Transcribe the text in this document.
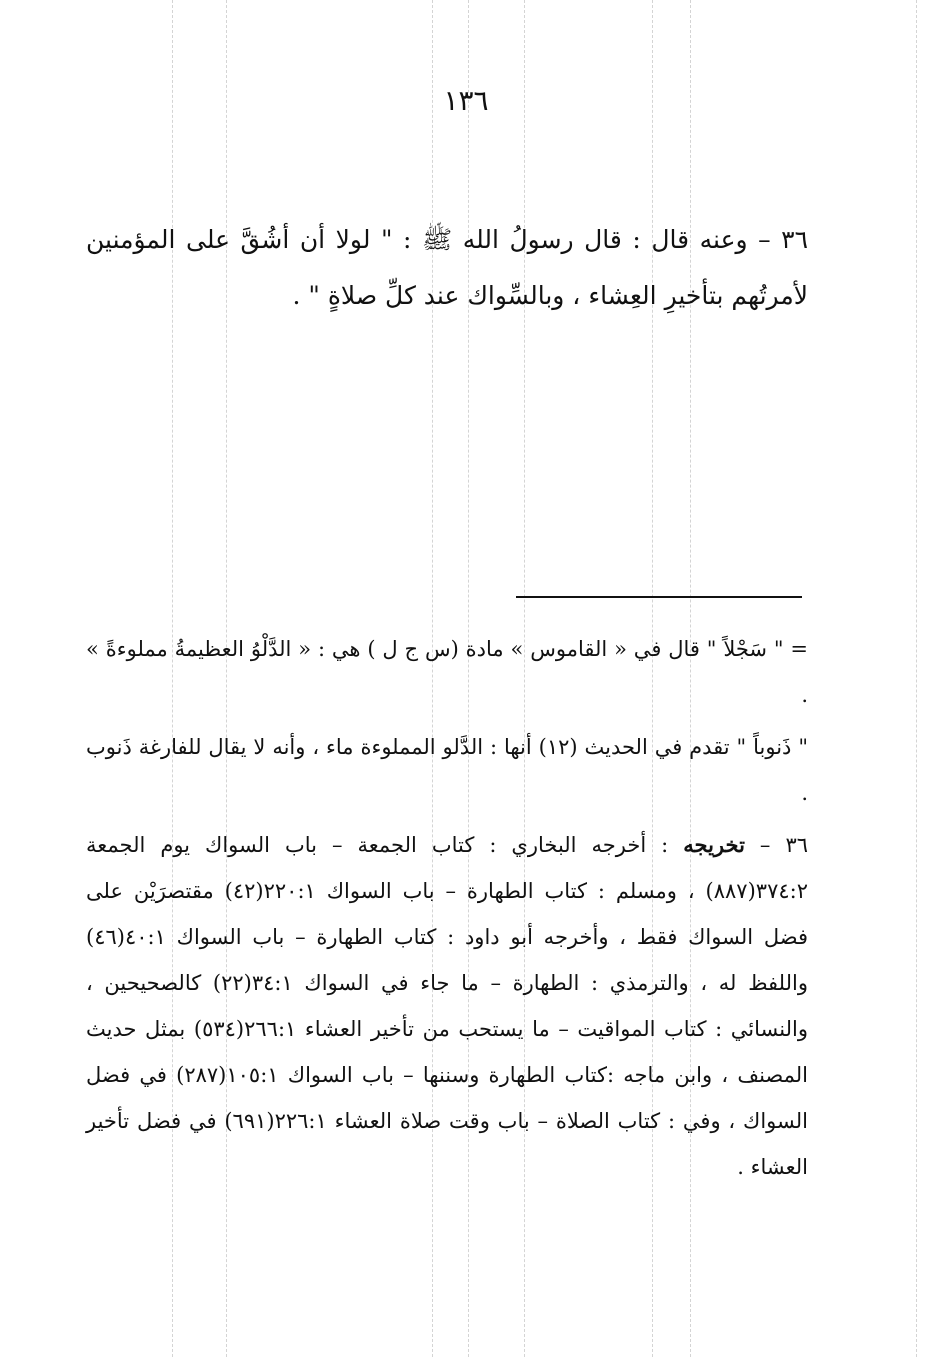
١٣٦

٣٦ – وعنه قال : قال رسولُ الله ﷺ : " لولا أن أشُقَّ على المؤمنين لأمرتُهم بتأخيرِ العِشاء ، وبالسِّواك عند كلِّ صلاةٍ " .

= " سَجْلاً " قال في « القاموس » مادة (س ج ل ) هي : « الدَّلْوُ العظيمةُ مملوءةً » .

" ذَنوباً " تقدم في الحديث (١٢) أنها : الدَّلو المملوءة ماء ، وأنه لا يقال للفارغة ذَنوب .

٣٦ – تخريجه : أخرجه البخاري : كتاب الجمعة – باب السواك يوم الجمعة ٣٧٤:٢(٨٨٧) ، ومسلم : كتاب الطهارة – باب السواك ٢٢٠:١(٤٢) مقتصرَيْن على فضل السواك فقط ، وأخرجه أبو داود : كتاب الطهارة – باب السواك ٤٠:١(٤٦) واللفظ له ، والترمذي : الطهارة – ما جاء في السواك ٣٤:١(٢٢) كالصحيحين ، والنسائي : كتاب المواقيت – ما يستحب من تأخير العشاء ٢٦٦:١(٥٣٤) بمثل حديث المصنف ، وابن ماجه :كتاب الطهارة وسننها – باب السواك ١٠٥:١(٢٨٧) في فضل السواك ، وفي : كتاب الصلاة – باب وقت صلاة العشاء ٢٢٦:١(٦٩١) في فضل تأخير العشاء .
